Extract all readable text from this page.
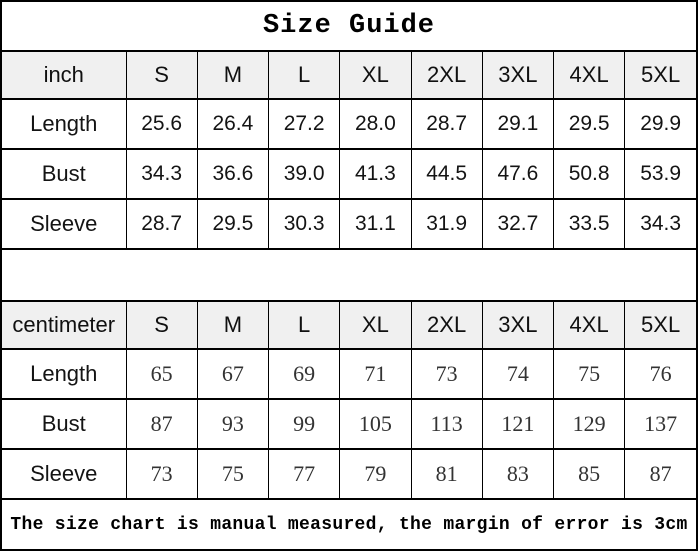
Size Guide
inch	S	M	L	XL	2XL	3XL	4XL	5XL
Length	25.6	26.4	27.2	28.0	28.7	29.1	29.5	29.9
Bust	34.3	36.6	39.0	41.3	44.5	47.6	50.8	53.9
Sleeve	28.7	29.5	30.3	31.1	31.9	32.7	33.5	34.3
centimeter	S	M	L	XL	2XL	3XL	4XL	5XL
Length	65	67	69	71	73	74	75	76
Bust	87	93	99	105	113	121	129	137
Sleeve	73	75	77	79	81	83	85	87
The size chart is manual measured, the margin of error is 3cm
